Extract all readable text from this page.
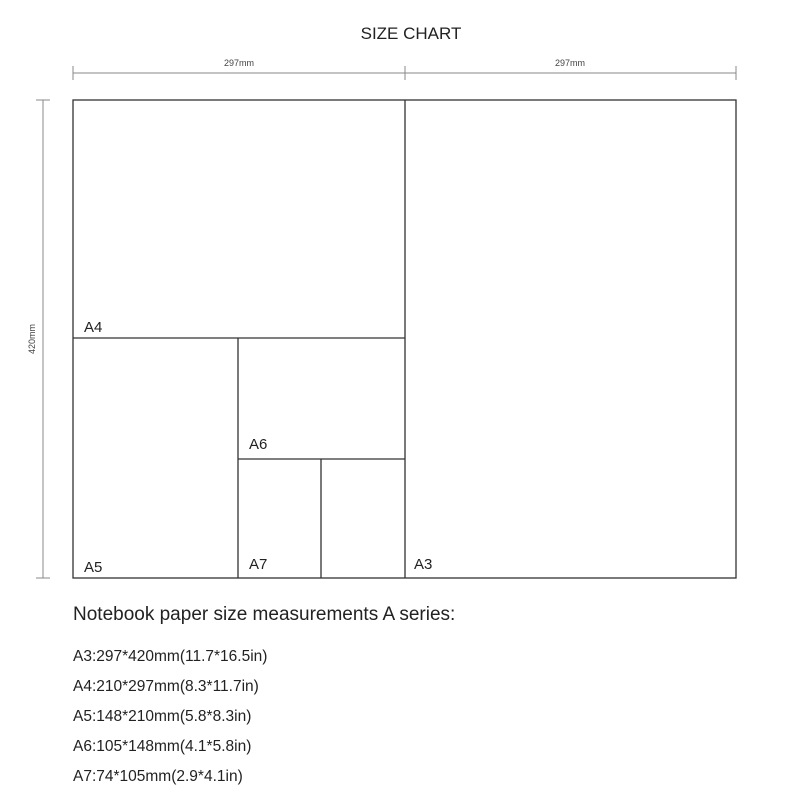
SIZE CHART
297mm	297mm
420mm	A4
A5
A6
A7	A3
Notebook paper size measurements A series:
A3:297*420mm(11.7*16.5in)
A4:210*297mm(8.3*11.7in)
A5:148*210mm(5.8*8.3in)
A6:105*148mm(4.1*5.8in)
A7:74*105mm(2.9*4.1in)
